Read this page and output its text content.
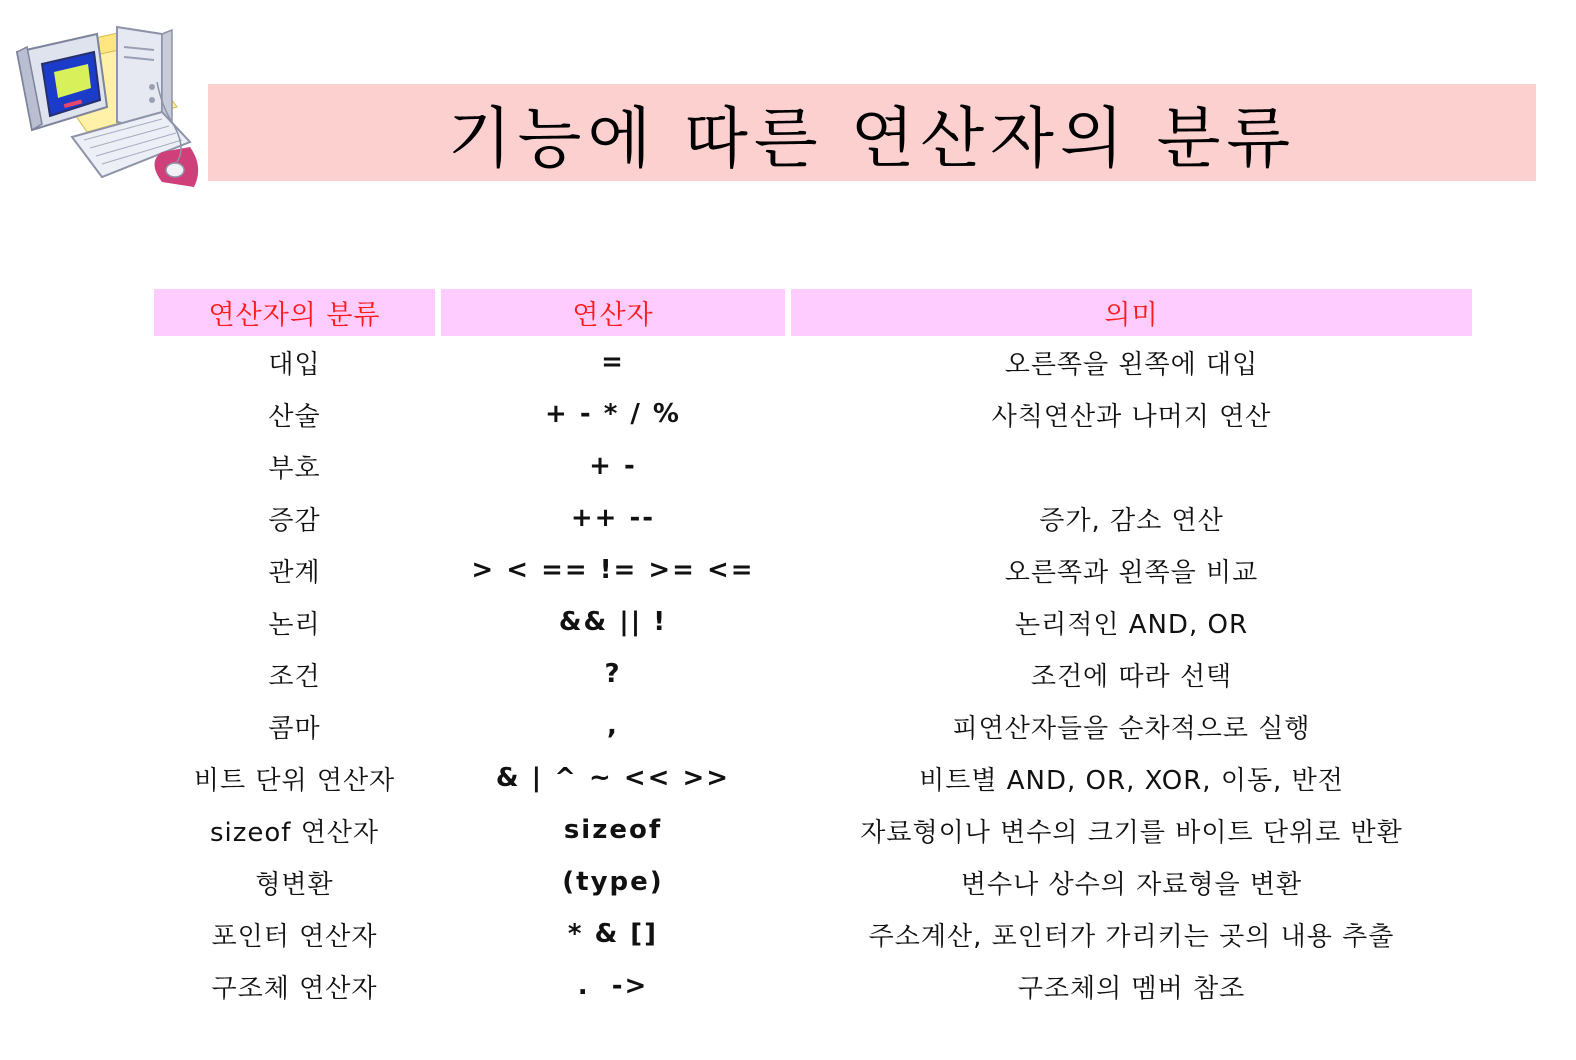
기능에 따른 연산자의 분류
연산자의 분류	연산자	의미
대입	=	오른쪽을 왼쪽에 대입
산술	+ - * / %	사칙연산과 나머지 연산
부호	+ -
증감	++ --	증가, 감소 연산
관계	> < == != >= <=	오른쪽과 왼쪽을 비교
논리	&& || !	논리적인 AND, OR
조건	?	조건에 따라 선택
콤마	,	피연산자들을 순차적으로 실행
비트 단위 연산자	& | ^ ~ << >>	비트별 AND, OR, XOR, 이동, 반전
sizeof 연산자	sizeof	자료형이나 변수의 크기를 바이트 단위로 반환
형변환	(type)	변수나 상수의 자료형을 변환
포인터 연산자	* & []	주소계산, 포인터가 가리키는 곳의 내용 추출
구조체 연산자	.  ->	구조체의 멤버 참조
